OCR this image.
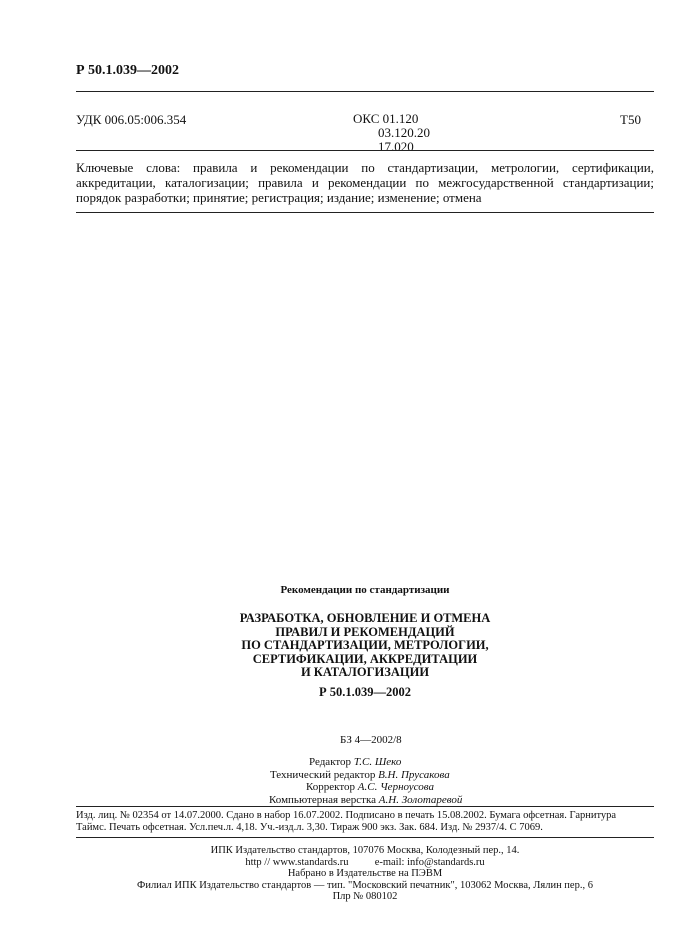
Р 50.1.039—2002
УДК 006.05:006.354	ОКС 01.120
03.120.20
17.020
Т50
Ключевые слова: правила и рекомендации по стандартизации, метрологии, сертификации, аккредитации, каталогизации; правила и рекомендации по межгосударственной стандартизации; порядок разработки; принятие; регистрация; издание; изменение; отмена
Рекомендации по стандартизации
РАЗРАБОТКА, ОБНОВЛЕНИЕ И ОТМЕНА
ПРАВИЛ И РЕКОМЕНДАЦИЙ
ПО СТАНДАРТИЗАЦИИ, МЕТРОЛОГИИ,
СЕРТИФИКАЦИИ, АККРЕДИТАЦИИ
И КАТАЛОГИЗАЦИИ
Р 50.1.039—2002
БЗ 4—2002/8
Редактор Т.С. Шеко
Технический редактор В.Н. Прусакова
Корректор А.С. Черноусова
Компьютерная верстка А.Н. Золотаревой
Изд. лиц. № 02354 от 14.07.2000. Сдано в набор 16.07.2002. Подписано в печать 15.08.2002. Бумага офсетная. Гарнитура
Таймс. Печать офсетная. Усл.печ.л. 4,18. Уч.-изд.л. 3,30. Тираж 900 экз. Зак. 684. Изд. № 2937/4. С 7069.
ИПК Издательство стандартов, 107076 Москва, Колодезный пер., 14.
http // www.standards.ru          e-mail: info@standards.ru
Набрано в Издательстве на ПЭВМ
Филиал ИПК Издательство стандартов — тип. "Московский печатник", 103062 Москва, Лялин пер., 6
Плр № 080102
